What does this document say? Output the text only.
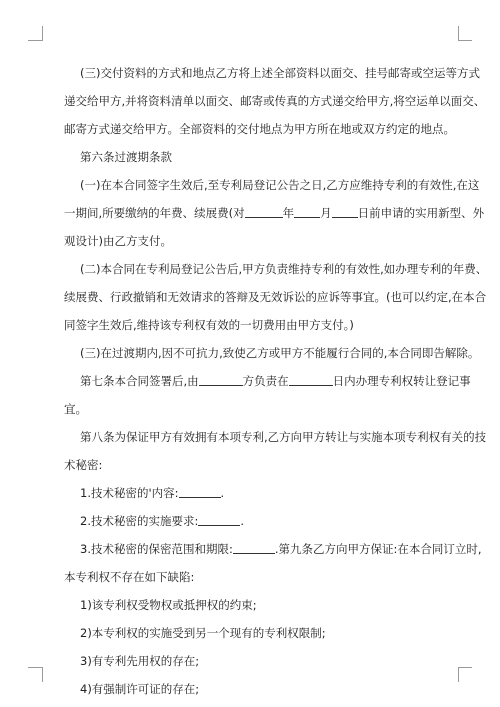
(三)交付资料的方式和地点乙方将上述全部资料以面交、挂号邮寄或空运等方式
递交给甲方,并将资料清单以面交、邮寄或传真的方式递交给甲方,将空运单以面交、
邮寄方式递交给甲方。全部资料的交付地点为甲方所在地或双方约定的地点。
第六条过渡期条款
(一)在本合同签字生效后,至专利局登记公告之日,乙方应维持专利的有效性,在这
一期间,所要缴纳的年费、续展费(对	年 月 日前申请的实用新型、外
观设计)由乙方支付。
(二)本合同在专利局登记公告后,甲方负责维持专利的有效性,如办理专利的年费、
续展费、行政撤销和无效请求的答辩及无效诉讼的应诉等事宜。(也可以约定,在本合
同签字生效后,维持该专利权有效的一切费用由甲方支付。)
(三)在过渡期内,因不可抗力,致使乙方或甲方不能履行合同的,本合同即告解除。
第七条本合同签署后,由	方负责在	日内办理专利权转让登记事
宜。
第八条为保证甲方有效拥有本项专利,乙方向甲方转让与实施本项专利权有关的技
术秘密:
1.技术秘密的'内容:	.
2.技术秘密的实施要求:	.
3.技术秘密的保密范围和期限:	.第九条乙方向甲方保证:在本合同订立时,
本专利权不存在如下缺陷:
1)该专利权受物权或抵押权的约束;
2)本专利权的实施受到另一个现有的专利权限制;
3)有专利先用权的存在;
4)有强制许可证的存在;
